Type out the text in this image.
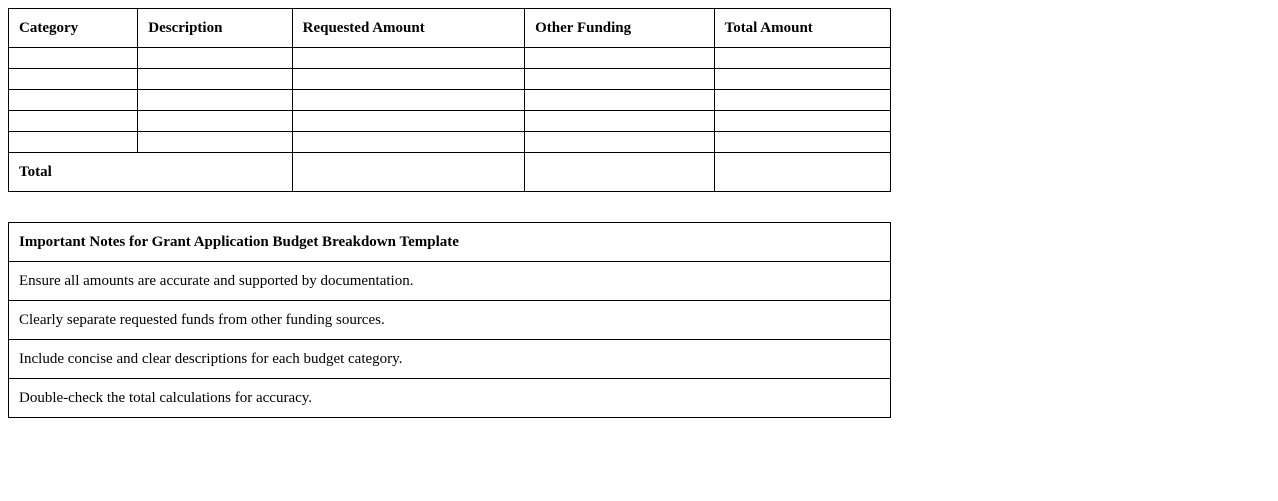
Category	Description	Requested Amount	Other Funding	Total Amount

Total				
Important Notes for Grant Application Budget Breakdown Template
Ensure all amounts are accurate and supported by documentation.
Clearly separate requested funds from other funding sources.
Include concise and clear descriptions for each budget category.
Double-check the total calculations for accuracy.
